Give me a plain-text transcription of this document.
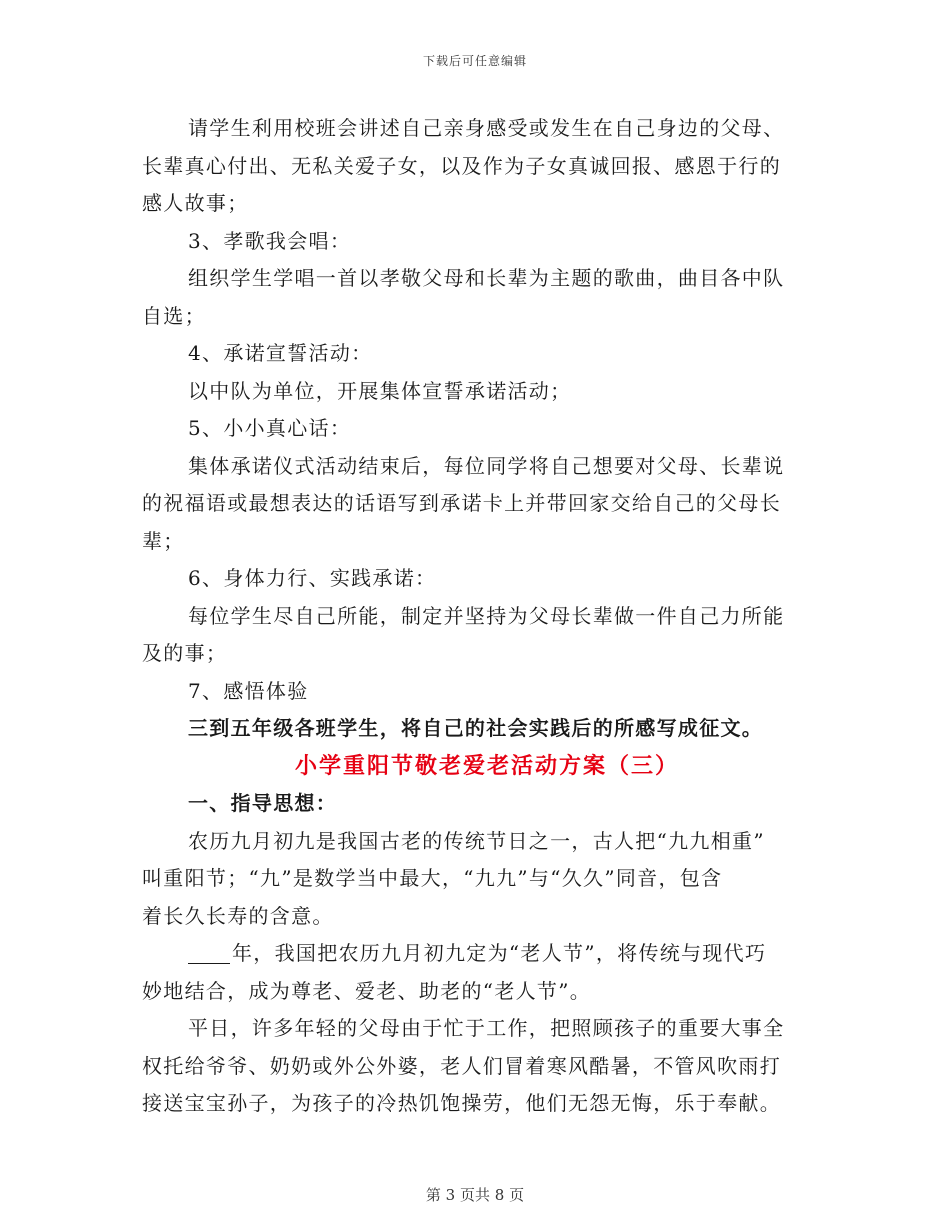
下载后可任意编辑
请学生利用校班会讲述自己亲身感受或发生在自己身边的父母、
长辈真心付出、无私关爱子女，以及作为子女真诚回报、感恩于行的
感人故事；
3、孝歌我会唱：
组织学生学唱一首以孝敬父母和长辈为主题的歌曲，曲目各中队
自选；
4、承诺宣誓活动：
以中队为单位，开展集体宣誓承诺活动；
5、小小真心话：
集体承诺仪式活动结束后，每位同学将自己想要对父母、长辈说
的祝福语或最想表达的话语写到承诺卡上并带回家交给自己的父母长
辈；
6、身体力行、实践承诺：
每位学生尽自己所能，制定并坚持为父母长辈做一件自己力所能
及的事；
7、感悟体验
三到五年级各班学生，将自己的社会实践后的所感写成征文。
小学重阳节敬老爱老活动方案（三）
一、指导思想：
农历九月初九是我国古老的传统节日之一，古人把“九九相重”
叫重阳节；“九”是数学当中最大，“九九”与“久久”同音，包含
着长久长寿的含意。
年，我国把农历九月初九定为“老人节”，将传统与现代巧
妙地结合，成为尊老、爱老、助老的“老人节”。
平日，许多年轻的父母由于忙于工作，把照顾孩子的重要大事全
权托给爷爷、奶奶或外公外婆，老人们冒着寒风酷暑，不管风吹雨打
接送宝宝孙子，为孩子的冷热饥饱操劳，他们无怨无悔，乐于奉献。
第 3 页共 8 页
